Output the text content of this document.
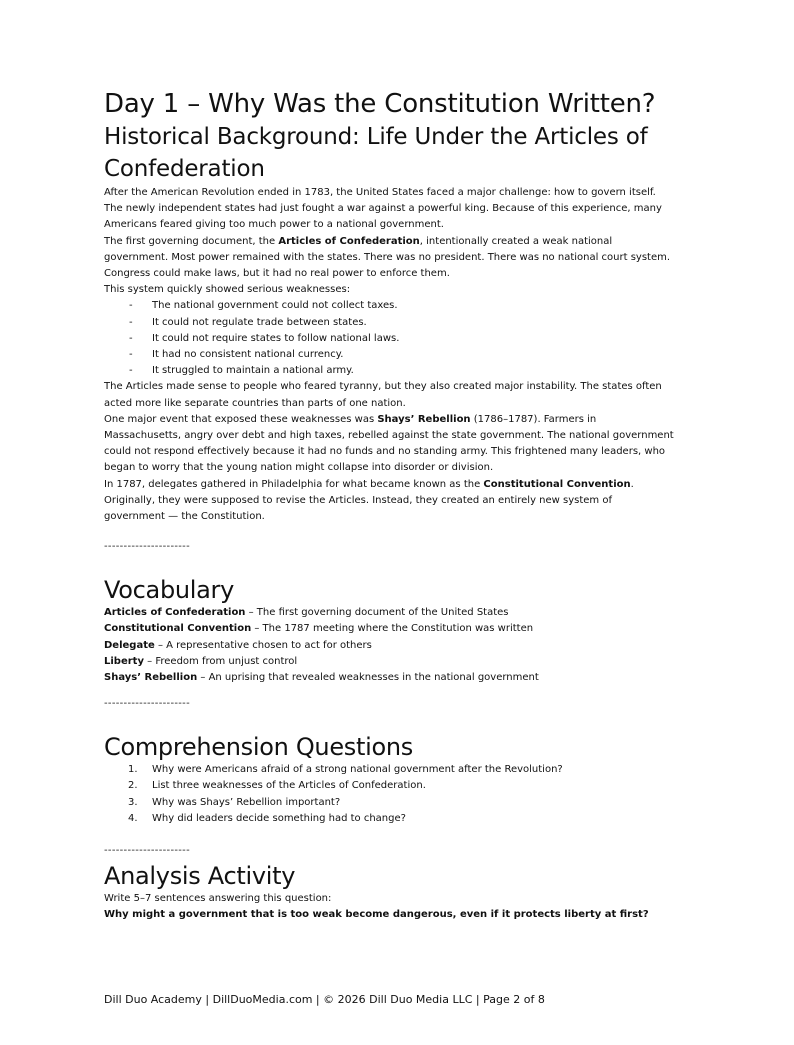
Day 1 – Why Was the Constitution Written?
Historical Background: Life Under the Articles of Confederation

After the American Revolution ended in 1783, the United States faced a major challenge: how to govern itself. The newly independent states had just fought a war against a powerful king. Because of this experience, many Americans feared giving too much power to a national government.

The first governing document, the Articles of Confederation, intentionally created a weak national government. Most power remained with the states. There was no president. There was no national court system. Congress could make laws, but it had no real power to enforce them.

This system quickly showed serious weaknesses:

- The national government could not collect taxes.
- It could not regulate trade between states.
- It could not require states to follow national laws.
- It had no consistent national currency.
- It struggled to maintain a national army.

The Articles made sense to people who feared tyranny, but they also created major instability. The states often acted more like separate countries than parts of one nation.

One major event that exposed these weaknesses was Shays’ Rebellion (1786–1787). Farmers in Massachusetts, angry over debt and high taxes, rebelled against the state government. The national government could not respond effectively because it had no funds and no standing army. This frightened many leaders, who began to worry that the young nation might collapse into disorder or division.

In 1787, delegates gathered in Philadelphia for what became known as the Constitutional Convention. Originally, they were supposed to revise the Articles. Instead, they created an entirely new system of government — the Constitution.

----------------------
Vocabulary

Articles of Confederation – The first governing document of the United States

Constitutional Convention – The 1787 meeting where the Constitution was written

Delegate – A representative chosen to act for others

Liberty – Freedom from unjust control

Shays’ Rebellion – An uprising that revealed weaknesses in the national government

----------------------
Comprehension Questions
1. Why were Americans afraid of a strong national government after the Revolution?
2. List three weaknesses of the Articles of Confederation.
3. Why was Shays’ Rebellion important?
4. Why did leaders decide something had to change?
----------------------
Analysis Activity

Write 5–7 sentences answering this question:

Why might a government that is too weak become dangerous, even if it protects liberty at first?

Dill Duo Academy | DillDuoMedia.com | © 2026 Dill Duo Media LLC | Page 2 of 8
